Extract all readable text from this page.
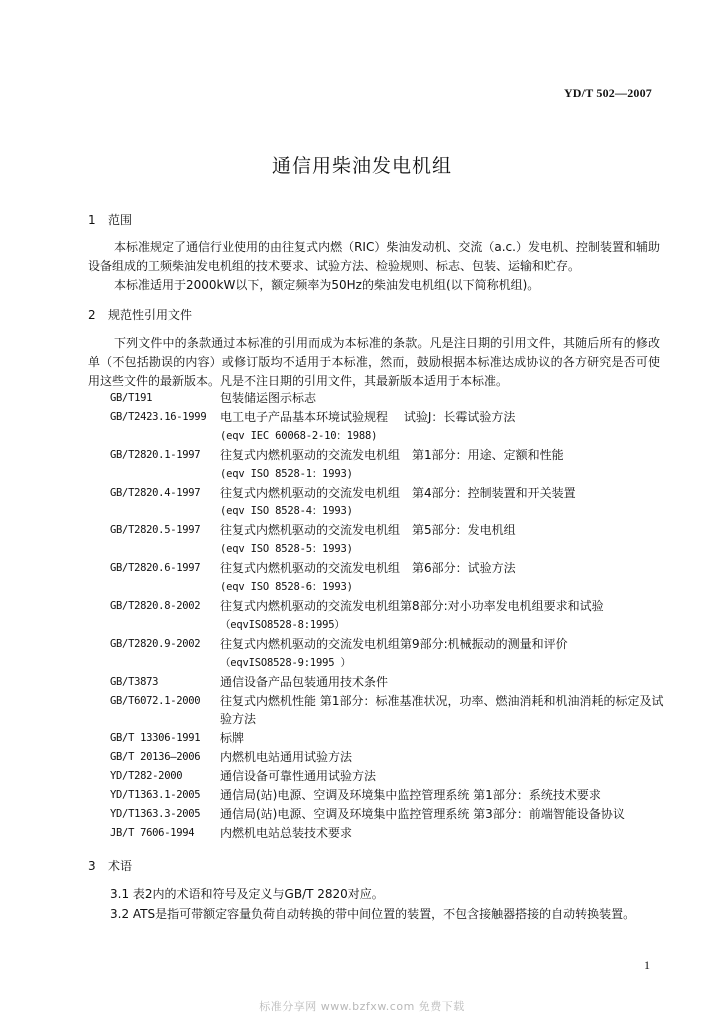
YD/T 502—2007
通信用柴油发电机组
1 范围
本标准规定了通信行业使用的由往复式内燃（RIC）柴油发动机、交流（a.c.）发电机、控制装置和辅助设备组成的工频柴油发电机组的技术要求、试验方法、检验规则、标志、包装、运输和贮存。
本标准适用于2000kW以下，额定频率为50Hz的柴油发电机组(以下简称机组)。
2 规范性引用文件
下列文件中的条款通过本标准的引用而成为本标准的条款。凡是注日期的引用文件，其随后所有的修改单（不包括勘误的内容）或修订版均不适用于本标准，然而，鼓励根据本标准达成协议的各方研究是否可使用这些文件的最新版本。凡是不注日期的引用文件，其最新版本适用于本标准。
GB/T191	包装储运图示标志
GB/T2423.16-1999	电工电子产品基本环境试验规程　 试验J：长霉试验方法
(eqv IEC 60068-2-10：1988)
GB/T2820.1-1997	往复式内燃机驱动的交流发电机组　第1部分：用途、定额和性能
(eqv ISO 8528-1：1993)
GB/T2820.4-1997	往复式内燃机驱动的交流发电机组　第4部分：控制装置和开关装置
(eqv ISO 8528-4：1993)
GB/T2820.5-1997	往复式内燃机驱动的交流发电机组　第5部分：发电机组
(eqv ISO 8528-5：1993)
GB/T2820.6-1997	往复式内燃机驱动的交流发电机组　第6部分：试验方法
(eqv ISO 8528-6：1993)
GB/T2820.8-2002	往复式内燃机驱动的交流发电机组第8部分:对小功率发电机组要求和试验
（eqvISO8528-8:1995）
GB/T2820.9-2002	往复式内燃机驱动的交流发电机组第9部分:机械振动的测量和评价
（eqvISO8528-9:1995 ）
GB/T3873	通信设备产品包装通用技术条件
GB/T6072.1-2000	往复式内燃机性能 第1部分：标准基准状况，功率、燃油消耗和机油消耗的标定及试验方法
GB/T 13306-1991	标牌
GB/T 20136—2006	内燃机电站通用试验方法
YD/T282-2000	通信设备可靠性通用试验方法
YD/T1363.1-2005	通信局(站)电源、空调及环境集中监控管理系统 第1部分：系统技术要求
YD/T1363.3-2005	通信局(站)电源、空调及环境集中监控管理系统 第3部分：前端智能设备协议
JB/T 7606-1994	内燃机电站总装技术要求
3 术语
3.1 表2内的术语和符号及定义与GB/T 2820对应。
3.2 ATS是指可带额定容量负荷自动转换的带中间位置的装置，不包含接触器搭接的自动转换装置。
1
标准分享网 www.bzfxw.com 免费下载
